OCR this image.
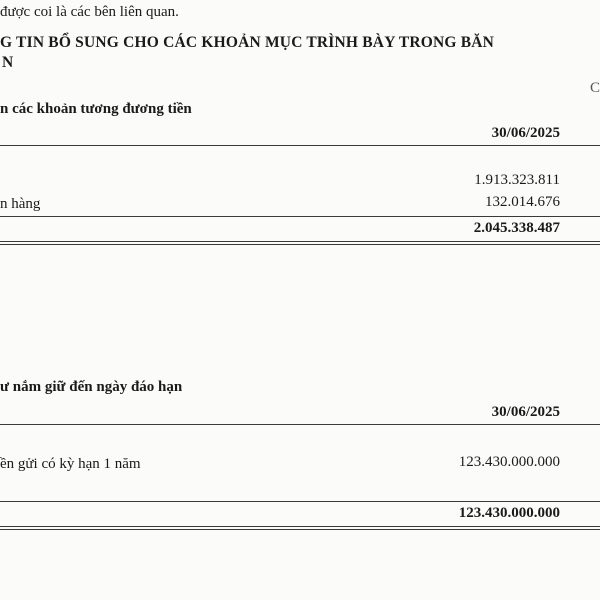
được coi là các bên liên quan.
G TIN BỔ SUNG CHO CÁC KHOẢN MỤC TRÌNH BÀY TRONG BĂN
N
C
n các khoản tương đương tiền
30/06/2025
1.913.323.811
n hàng	132.014.676
2.045.338.487
ư nắm giữ đến ngày đáo hạn
30/06/2025
ền gửi có kỳ hạn 1 năm	123.430.000.000
123.430.000.000
